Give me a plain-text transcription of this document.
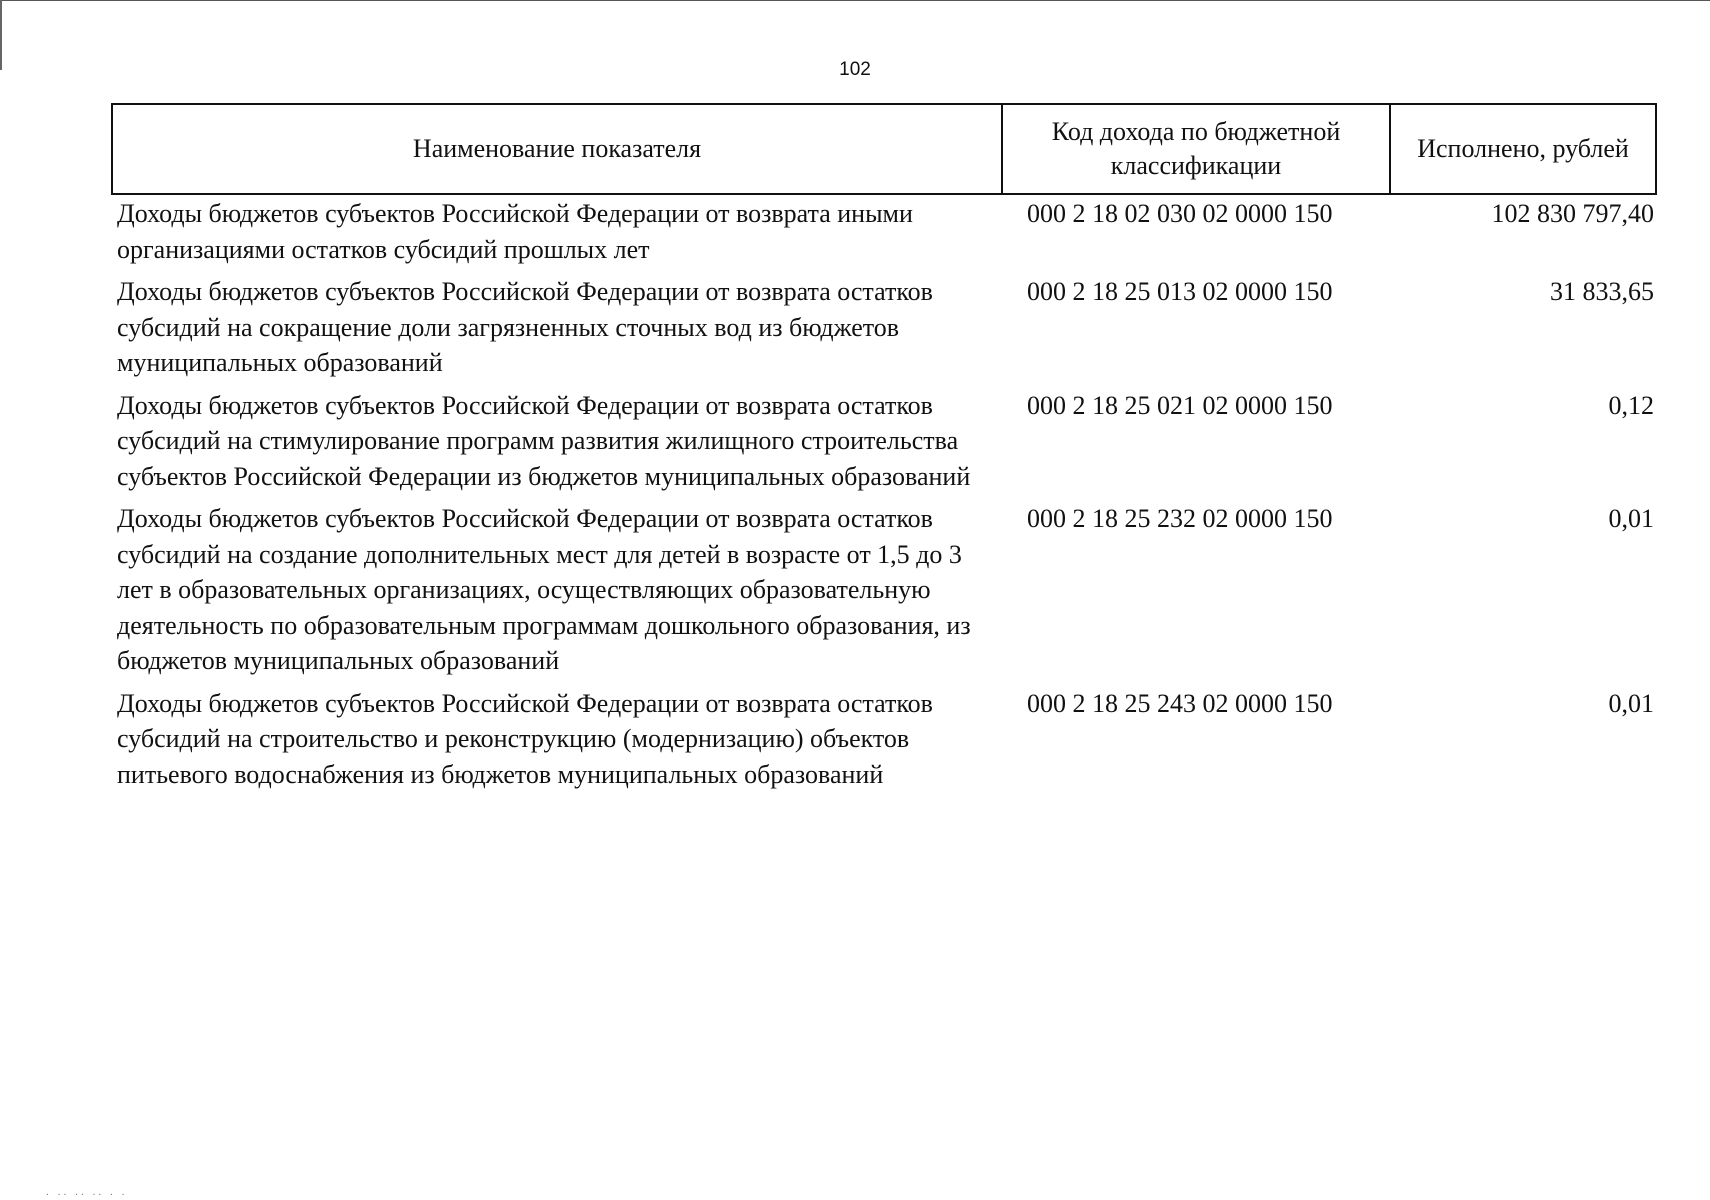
102
Наименование показателя	Код дохода по бюджетной классификации	Исполнено, рублей
Доходы бюджетов субъектов Российской Федерации от возврата иными организациями остатков субсидий прошлых лет	000 2 18 02 030 02 0000 150	102 830 797,40
Доходы бюджетов субъектов Российской Федерации от возврата остатков субсидий на сокращение доли загрязненных сточных вод из бюджетов муниципальных образований	000 2 18 25 013 02 0000 150	31 833,65
Доходы бюджетов субъектов Российской Федерации от возврата остатков субсидий на стимулирование программ развития жилищного строительства субъектов Российской Федерации из бюджетов муниципальных образований	000 2 18 25 021 02 0000 150	0,12
Доходы бюджетов субъектов Российской Федерации от возврата остатков субсидий на создание дополнительных мест для детей в возрасте от 1,5 до 3 лет в образовательных организациях, осуществляющих образовательную деятельность по образовательным программам дошкольного образования, из бюджетов муниципальных образований	000 2 18 25 232 02 0000 150	0,01
Доходы бюджетов субъектов Российской Федерации от возврата остатков субсидий на строительство и реконструкцию (модернизацию) объектов питьевого водоснабжения из бюджетов муниципальных образований	000 2 18 25 243 02 0000 150	0,01
· ·· ·· ·· · ·
